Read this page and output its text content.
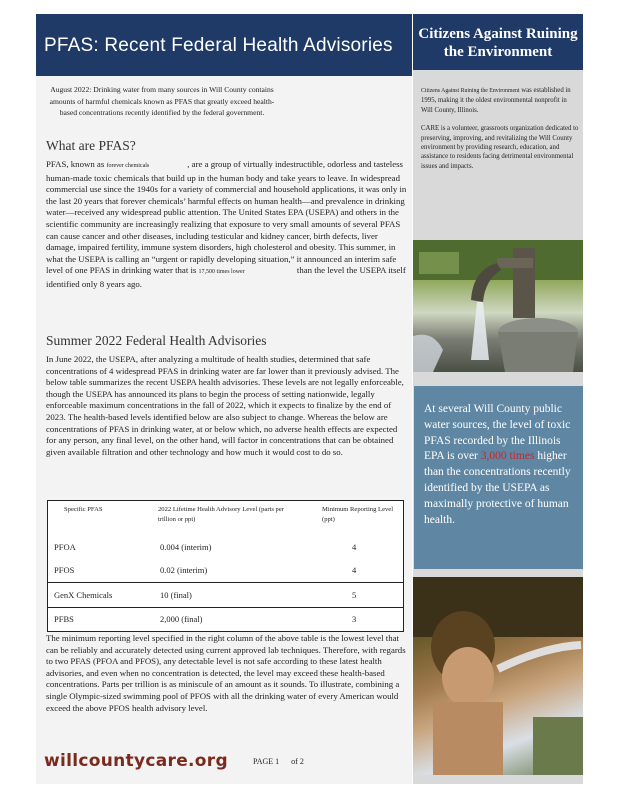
PFAS: Recent Federal Health Advisories
Citizens Against Ruining
the Environment
August 2022: Drinking water from many sources in Will County contains amounts of harmful chemicals known as PFAS that greatly exceed health-based concentrations recently identified by the federal government.
What are PFAS?

PFAS, known as forever chemicals	, are a group of virtually indestructible, odorless and tasteless human-made toxic chemicals that build up in the human body and take years to leave. In widespread commercial use since the 1940s for a variety of commercial and household applications, it was only in the last 20 years that forever chemicals’ harmful effects on human health—and prevalence in drinking water—received any widespread public attention. The United States EPA (USEPA) and others in the scientific community are increasingly realizing that exposure to very small amounts of several PFAS can cause cancer and other diseases, including testicular and kidney cancer, birth defects, liver damage, impaired fertility, immune system disorders, high cholesterol and obesity. This summer, in what the USEPA is calling an “urgent or rapidly developing situation,” it announced an interim safe level of one PFAS in drinking water that is 17,500 times lower	than the level the USEPA itself identified only 8 years ago.

Summer 2022 Federal Health Advisories

In June 2022, the USEPA, after analyzing a multitude of health studies, determined that safe concentrations of 4 widespread PFAS in drinking water are far lower than it previously advised. The below table summarizes the recent USEPA health advisories. These levels are not legally enforceable, though the USEPA has announced its plans to begin the process of setting nationwide, legally enforceable maximum concentrations in the fall of 2022, which it expects to finalize by the end of 2023. The health-based levels identified below are also subject to change. Whereas the below are concentrations of PFAS in drinking water, at or below which, no adverse health effects are expected for any person, any final level, on the other hand, will factor in concentrations that can be obtained given available filtration and other technology and how much it would cost to do so.

Specific PFAS	2022 Lifetime Health Advisory Level (parts per trillion or ppt)	Minimum Reporting Level (ppt)
PFOA	0.004 (interim)	4
PFOS	0.02 (interim)	4
GenX Chemicals	10 (final)	5
PFBS	2,000 (final)	3

The minimum reporting level specified in the right column of the above table is the lowest level that can be reliably and accurately detected using current approved lab techniques. Therefore, with regards to two PFAS (PFOA and PFOS), any detectable level is not safe according to these latest health advisories, and even when no concentration is detected, the level may exceed these health-based concentrations. Parts per trillion is as miniscule of an amount as it sounds. To illustrate, combining a single Olympic-sized swimming pool of PFOS with all the drinking water of every American would exceed the above PFOS health advisory level.

Citizens Against Ruining the Environment was established in 1995, making it the oldest environmental nonprofit in Will County, Illinois.

CARE is a volunteer, grassroots organization dedicated to preserving, improving, and revitalizing the Will County environment by providing research, education, and assistance to residents facing detrimental environmental issues and impacts.

At several Will County public water sources, the level of toxic PFAS recorded by the Illinois EPA is over 3,000 times higher than the concentrations recently identified by the USEPA as maximally protective of human health.
willcountycare.org	PAGE 1 of 2
